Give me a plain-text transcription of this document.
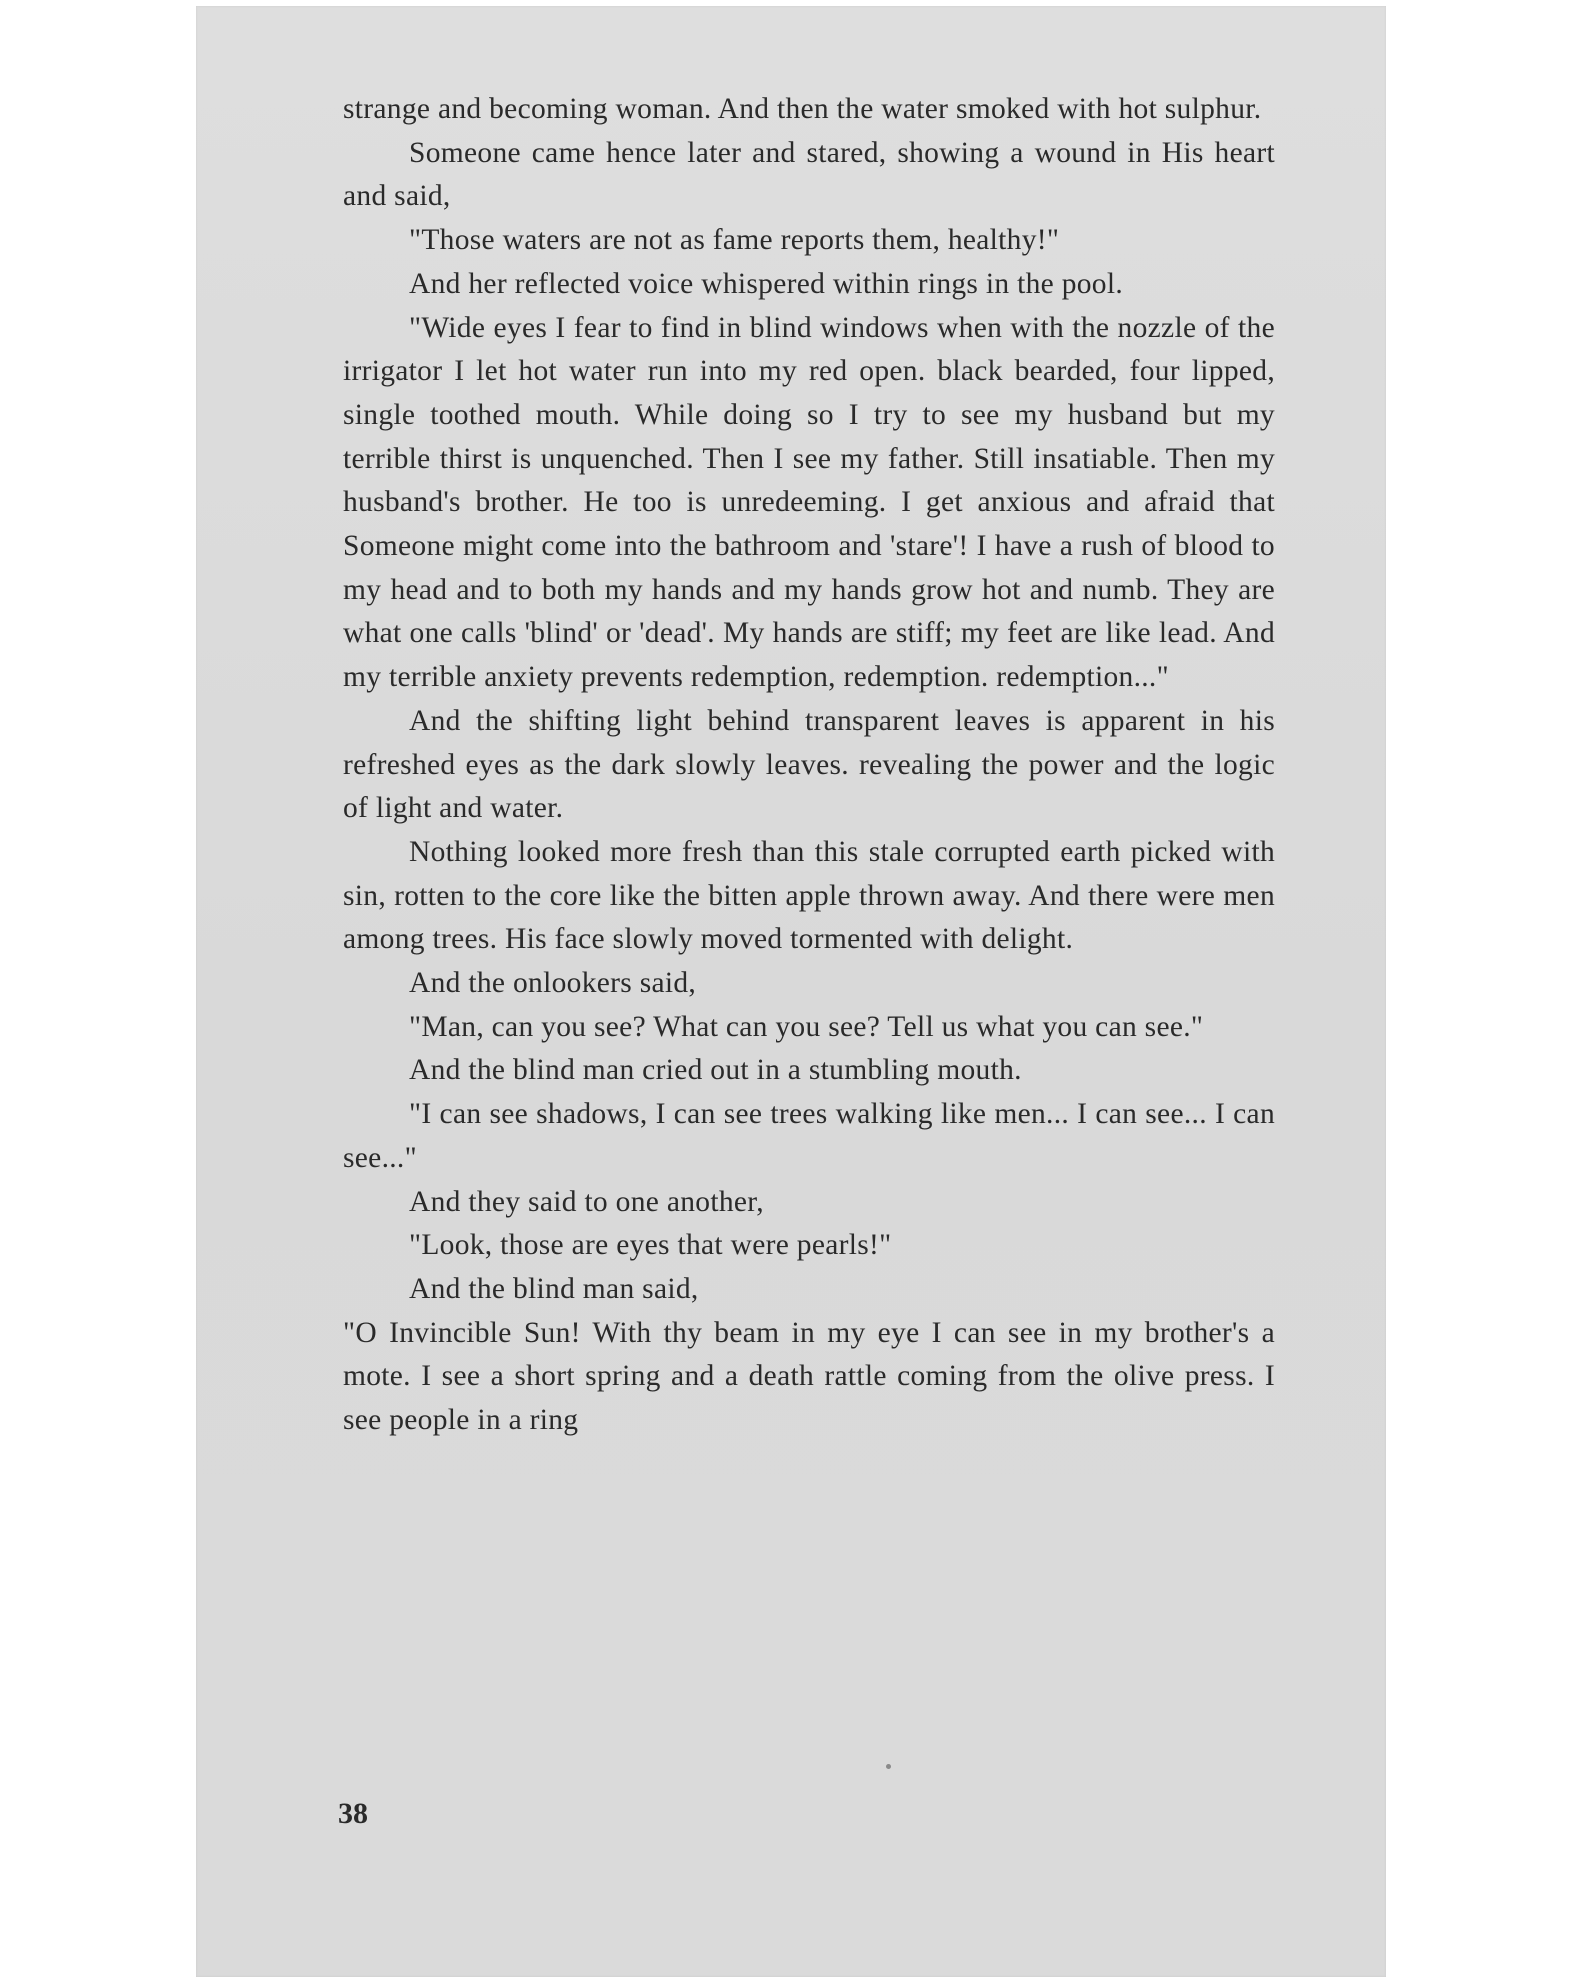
strange and becoming woman. And then the water smoked with hot sulphur.

Someone came hence later and stared, showing a wound in His heart and said,

"Those waters are not as fame reports them, healthy!"

And her reflected voice whispered within rings in the pool.

"Wide eyes I fear to find in blind windows when with the nozzle of the irrigator I let hot water run into my red open. black bearded, four lipped, single toothed mouth. While doing so I try to see my husband but my terrible thirst is unquenched. Then I see my father. Still insatiable. Then my husband's brother. He too is unredeeming. I get anxious and afraid that Someone might come into the bathroom and 'stare'! I have a rush of blood to my head and to both my hands and my hands grow hot and numb. They are what one calls 'blind' or 'dead'. My hands are stiff; my feet are like lead. And my terrible anxiety prevents redemption, redemption. redemption..."

And the shifting light behind transparent leaves is apparent in his refreshed eyes as the dark slowly leaves. revealing the power and the logic of light and water.

Nothing looked more fresh than this stale corrupted earth picked with sin, rotten to the core like the bitten apple thrown away. And there were men among trees. His face slowly moved tormented with delight.

And the onlookers said,

"Man, can you see? What can you see? Tell us what you can see."

And the blind man cried out in a stumbling mouth.

"I can see shadows, I can see trees walking like men... I can see... I can see..."

And they said to one another,

"Look, those are eyes that were pearls!"

And the blind man said,

"O Invincible Sun! With thy beam in my eye I can see in my brother's a mote. I see a short spring and a death rattle coming from the olive press. I see people in a ring

38
